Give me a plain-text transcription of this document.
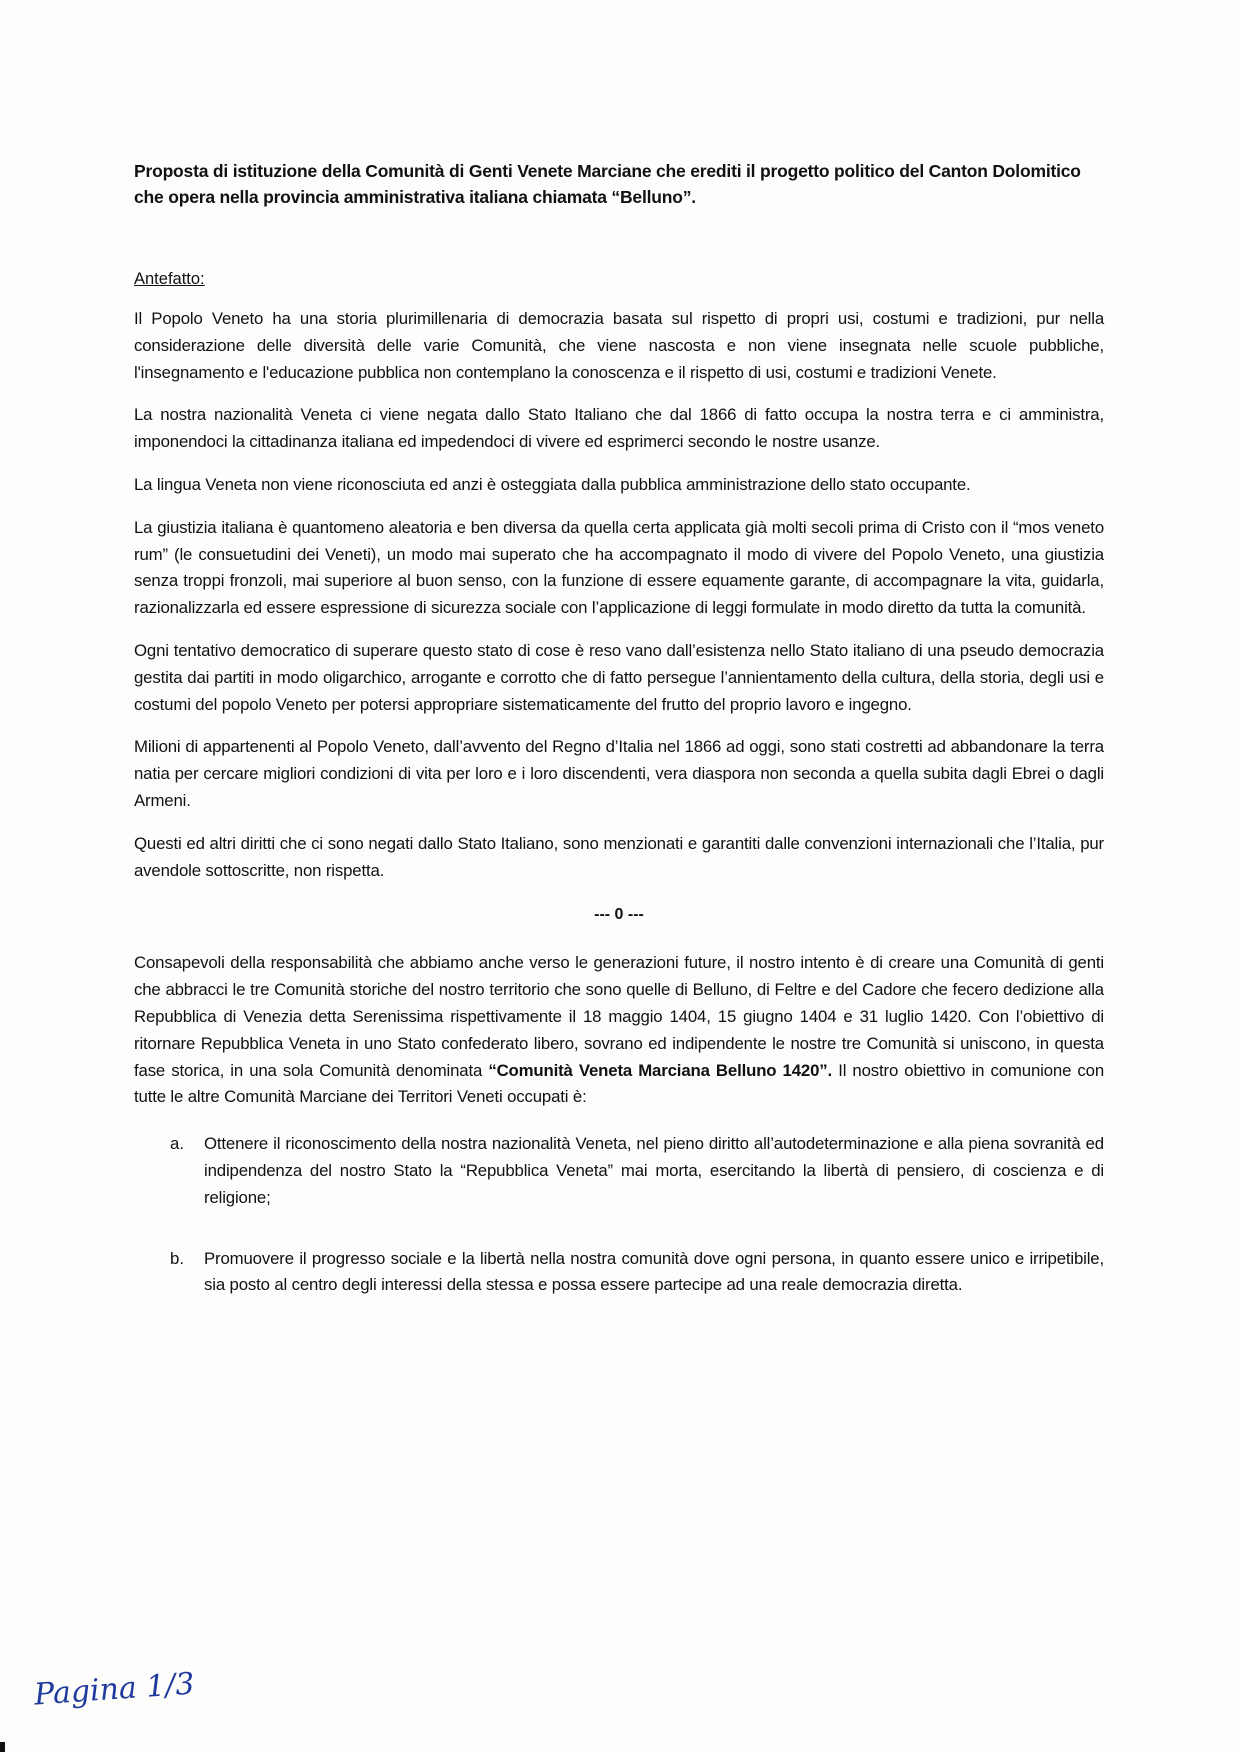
Proposta di istituzione della Comunità di Genti Venete Marciane che erediti il progetto politico del Canton Dolomitico che opera nella provincia amministrativa italiana chiamata “Belluno”.
Antefatto:

Il Popolo Veneto ha una storia plurimillenaria di democrazia basata sul rispetto di propri usi, costumi e tradizioni, pur nella considerazione delle diversità delle varie Comunità, che viene nascosta e non viene insegnata nelle scuole pubbliche, l'insegnamento e l'educazione pubblica non contemplano la conoscenza e il rispetto di usi, costumi e tradizioni Venete.

La nostra nazionalità Veneta ci viene negata dallo Stato Italiano che dal 1866 di fatto occupa la nostra terra e ci amministra, imponendoci la cittadinanza italiana ed impedendoci di vivere ed esprimerci secondo le nostre usanze.

La lingua Veneta non viene riconosciuta ed anzi è osteggiata dalla pubblica amministrazione dello stato occupante.

La giustizia italiana è quantomeno aleatoria e ben diversa da quella certa applicata già molti secoli prima di Cristo con il “mos veneto rum” (le consuetudini dei Veneti), un modo mai superato che ha accompagnato il modo di vivere del Popolo Veneto, una giustizia senza troppi fronzoli, mai superiore al buon senso, con la funzione di essere equamente garante, di accompagnare la vita, guidarla, razionalizzarla ed essere espressione di sicurezza sociale con l’applicazione di leggi formulate in modo diretto da tutta la comunità.

Ogni tentativo democratico di superare questo stato di cose è reso vano dall’esistenza nello Stato italiano di una pseudo democrazia gestita dai partiti in modo oligarchico, arrogante e corrotto che di fatto persegue l’annientamento della cultura, della storia, degli usi e costumi del popolo Veneto per potersi appropriare sistematicamente del frutto del proprio lavoro e ingegno.

Milioni di appartenenti al Popolo Veneto, dall’avvento del Regno d’Italia nel 1866 ad oggi, sono stati costretti ad abbandonare la terra natia per cercare migliori condizioni di vita per loro e i loro discendenti, vera diaspora non seconda a quella subita dagli Ebrei o dagli Armeni.

Questi ed altri diritti che ci sono negati dallo Stato Italiano, sono menzionati e garantiti dalle convenzioni internazionali che l’Italia, pur avendole sottoscritte, non rispetta.

--- 0 ---

Consapevoli della responsabilità che abbiamo anche verso le generazioni future, il nostro intento è di creare una Comunità di genti che abbracci le tre Comunità storiche del nostro territorio che sono quelle di Belluno, di Feltre e del Cadore che fecero dedizione alla Repubblica di Venezia detta Serenissima rispettivamente il 18 maggio 1404, 15 giugno 1404 e 31 luglio 1420. Con l’obiettivo di ritornare Repubblica Veneta in uno Stato confederato libero, sovrano ed indipendente le nostre tre Comunità si uniscono, in questa fase storica, in una sola Comunità denominata “Comunità Veneta Marciana Belluno 1420”. Il nostro obiettivo in comunione con tutte le altre Comunità Marciane dei Territori Veneti occupati è:

a.	Ottenere il riconoscimento della nostra nazionalità Veneta, nel pieno diritto all’autodeterminazione e alla piena sovranità ed indipendenza del nostro Stato la “Repubblica Veneta” mai morta, esercitando la libertà di pensiero, di coscienza e di religione;
b.	Promuovere il progresso sociale e la libertà nella nostra comunità dove ogni persona, in quanto essere unico e irripetibile, sia posto al centro degli interessi della stessa e possa essere partecipe ad una reale democrazia diretta.
Pagina 1/3
